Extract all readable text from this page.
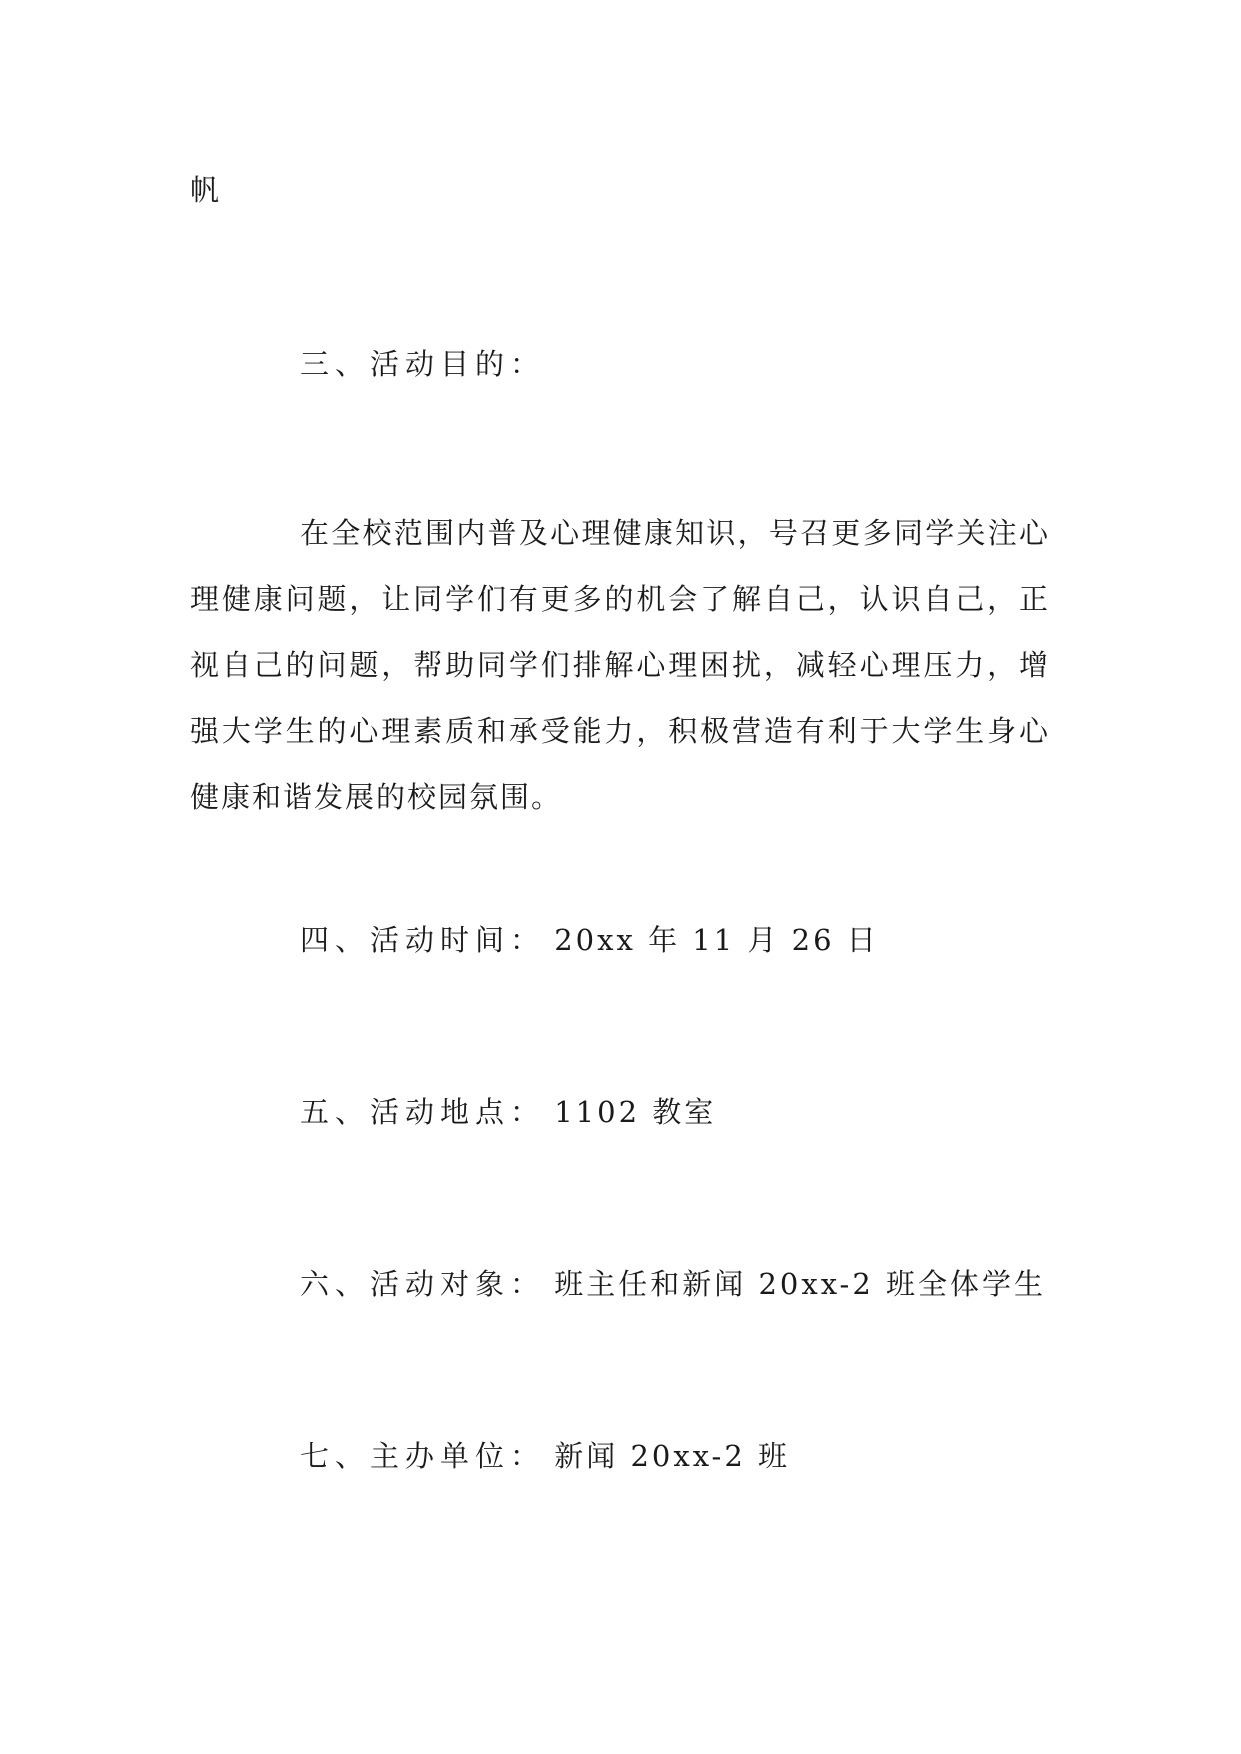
帆
三、活动目的：
在全校范围内普及心理健康知识，号召更多同学关注心理健康问题，让同学们有更多的机会了解自己，认识自己，正视自己的问题，帮助同学们排解心理困扰，减轻心理压力，增强大学生的心理素质和承受能力，积极营造有利于大学生身心健康和谐发展的校园氛围。
四、活动时间： 20xx 年 11 月 26 日
五、活动地点： 1102 教室
六、活动对象： 班主任和新闻 20xx-2 班全体学生
七、主办单位： 新闻 20xx-2 班
